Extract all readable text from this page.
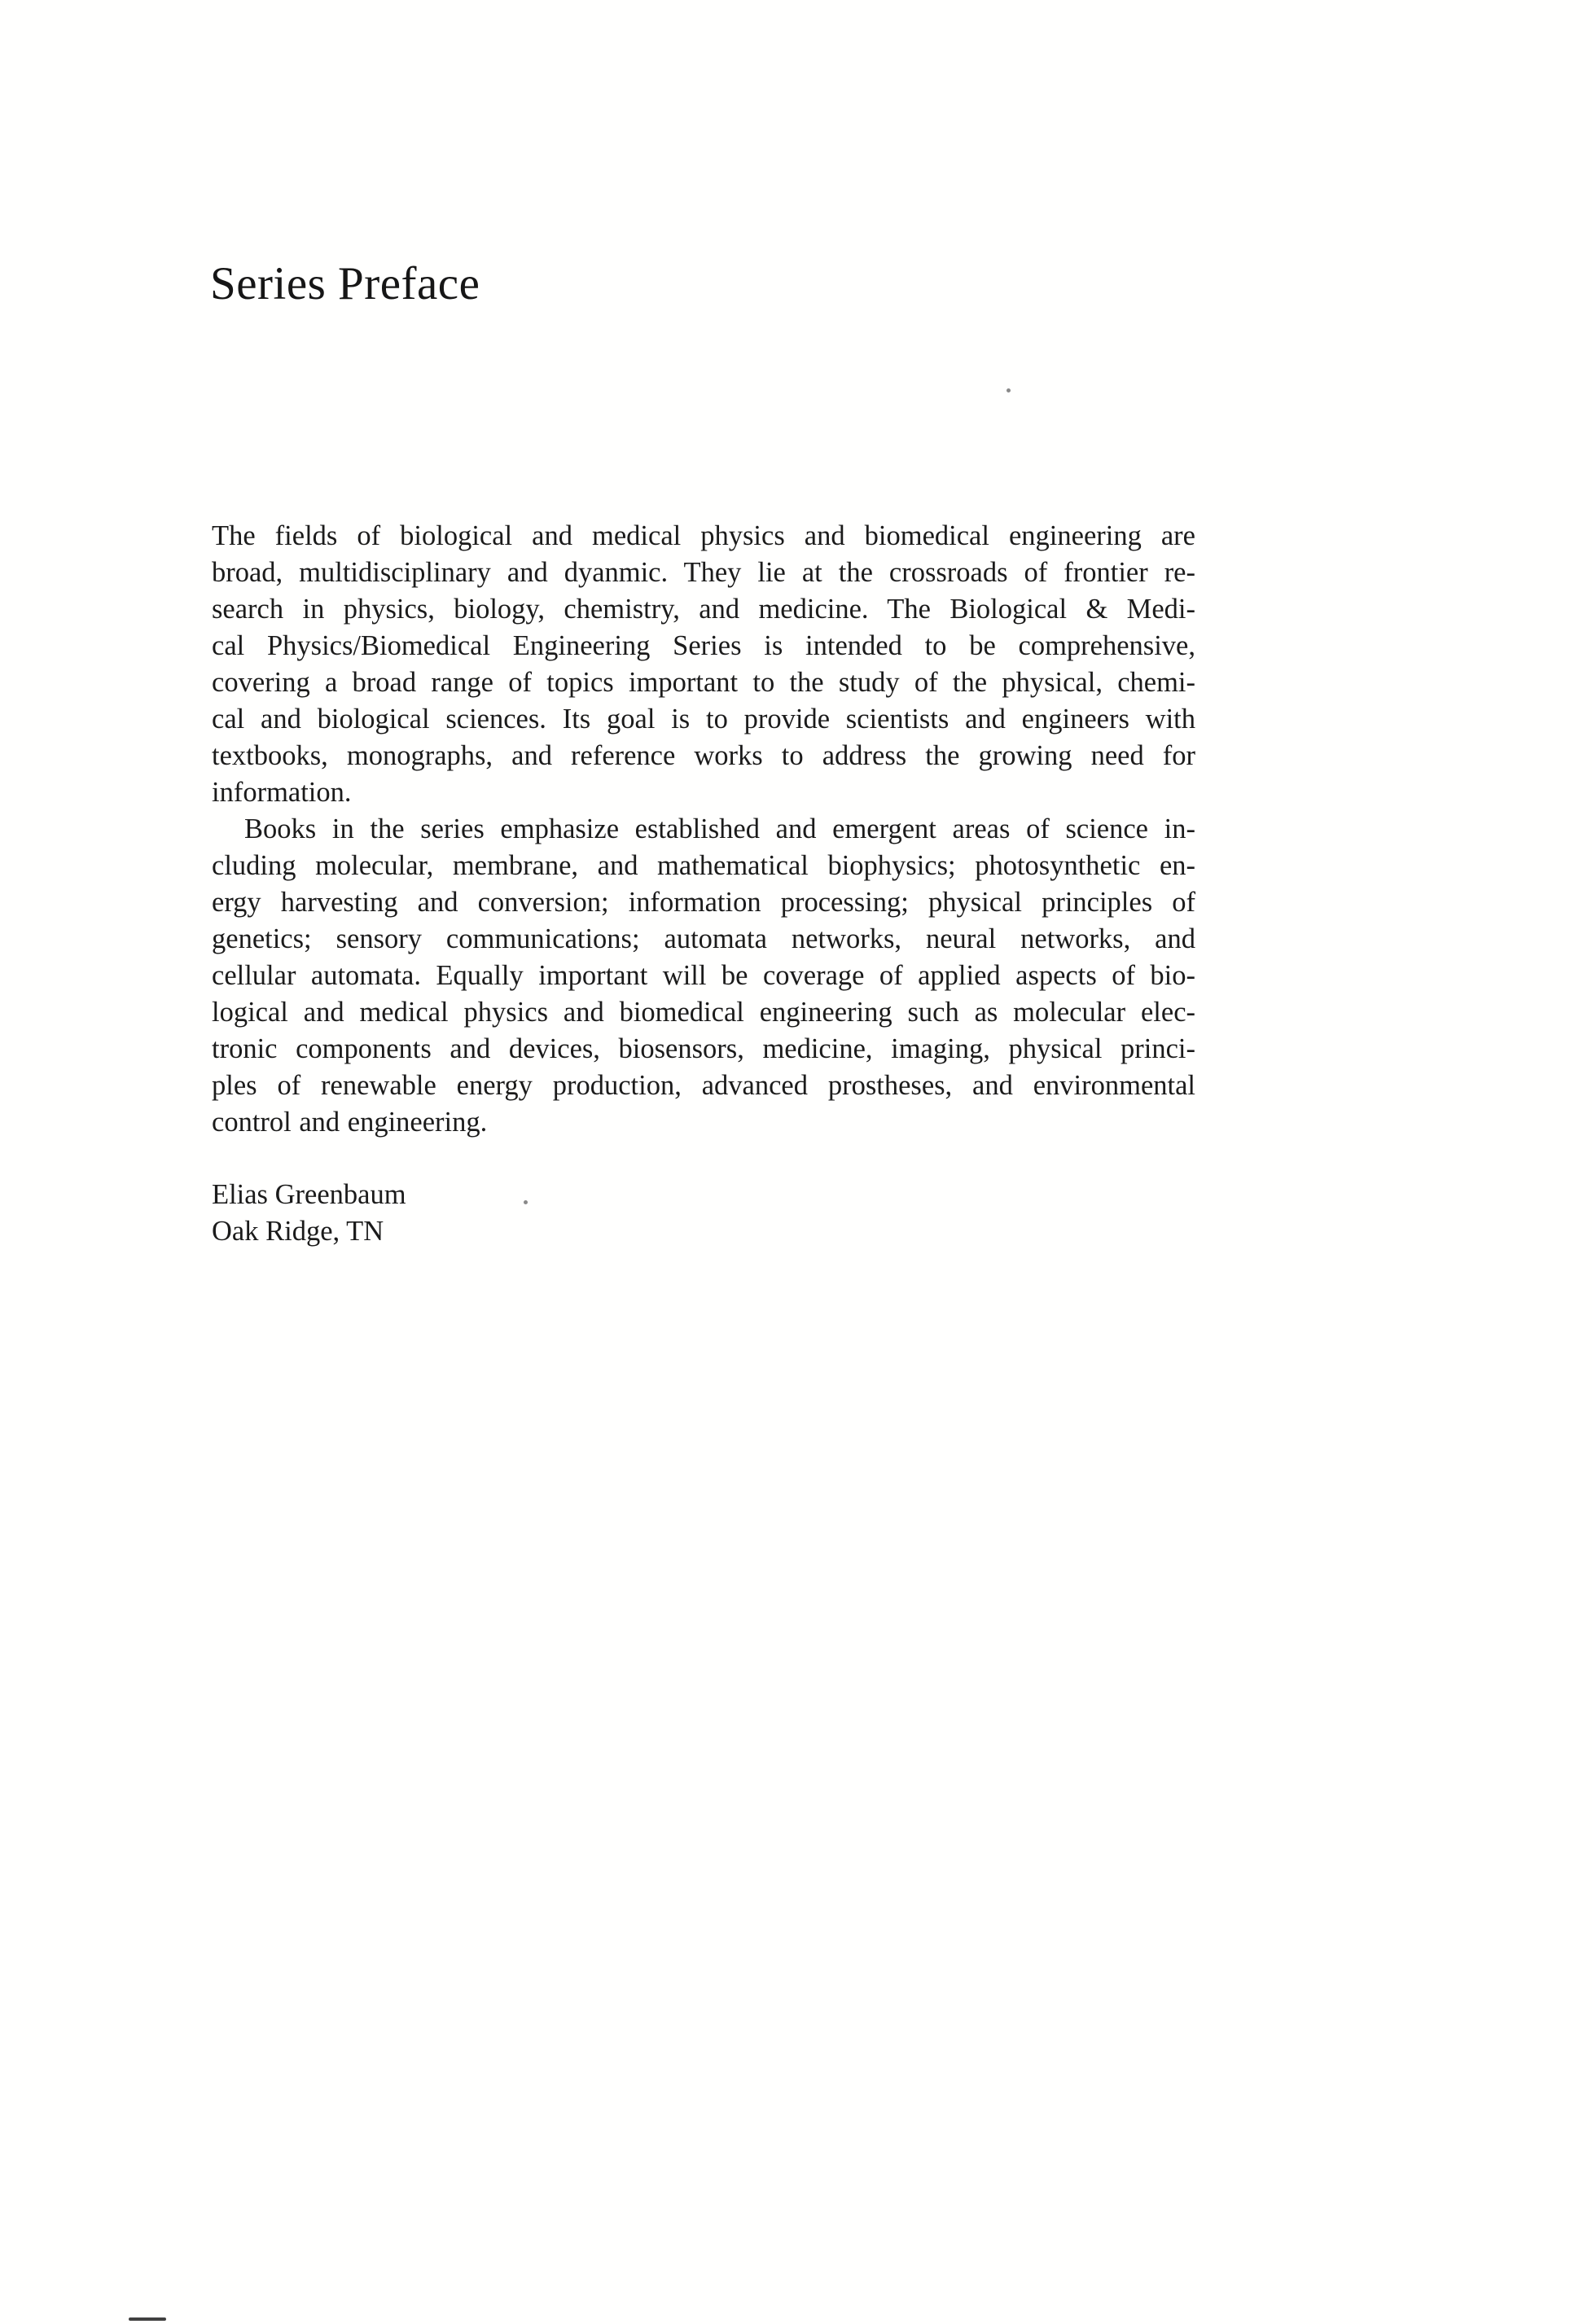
Series Preface
The fields of biological and medical physics and biomedical engineering are
broad, multidisciplinary and dyanmic. They lie at the crossroads of frontier re-
search in physics, biology, chemistry, and medicine. The Biological & Medi-
cal Physics/Biomedical Engineering Series is intended to be comprehensive,
covering a broad range of topics important to the study of the physical, chemi-
cal and biological sciences. Its goal is to provide scientists and engineers with
textbooks, monographs, and reference works to address the growing need for
information.
Books in the series emphasize established and emergent areas of science in-
cluding molecular, membrane, and mathematical biophysics; photosynthetic en-
ergy harvesting and conversion; information processing; physical principles of
genetics; sensory communications; automata networks, neural networks, and
cellular automata. Equally important will be coverage of applied aspects of bio-
logical and medical physics and biomedical engineering such as molecular elec-
tronic components and devices, biosensors, medicine, imaging, physical princi-
ples of renewable energy production, advanced prostheses, and environmental
control and engineering.
Elias Greenbaum
Oak Ridge, TN
